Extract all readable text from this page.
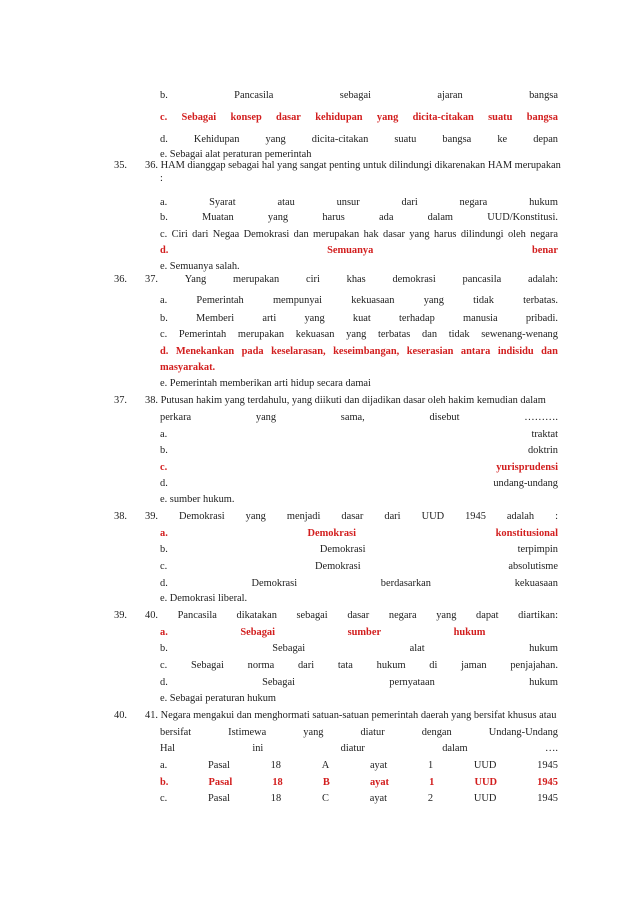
b.	Pancasila	sebagai	ajaran	bangsa
c. Sebagai konsep dasar kehidupan yang dicita-citakan suatu bangsa
d.	Kehidupan	yang	dicita-citakan	suatu	bangsa	ke	depan
e. Sebagai alat peraturan pemerintah
35.	36. HAM dianggap sebagai hal yang sangat penting untuk dilindungi dikarenakan HAM merupakan
:
a.	Syarat	atau	unsur	dari	negara	hukum
b.	Muatan	yang	harus	ada	dalam	UUD/Konstitusi.
c. Ciri dari Negaa Demokrasi dan merupakan hak dasar yang harus dilindungi oleh negara
d.	Semuanya	benar
e. Semuanya salah.
36.	37.	Yang	merupakan	ciri	khas	demokrasi	pancasila	adalah:
a.	Pemerintah	mempunyai	kekuasaan	yang	tidak	terbatas.
b.	Memberi	arti	yang	kuat	terhadap	manusia	pribadi.
c. Pemerintah merupakan kekuasan yang terbatas dan tidak sewenang-wenang
d. Menekankan pada keselarasan, keseimbangan, keserasian antara indisidu dan
masyarakat.
e. Pemerintah memberikan arti hidup secara damai
37.	38. Putusan hakim yang terdahulu, yang diikuti dan dijadikan dasar oleh hakim kemudian dalam
perkara	yang	sama,	disebut	……….
a.	traktat
b.	doktrin
c.	yurisprudensi
d.	undang-undang
e. sumber hukum.
38.	39. Demokrasi yang menjadi dasar dari UUD 1945 adalah :
a.	Demokrasi	konstitusional
b.	Demokrasi	terpimpin
c.	Demokrasi	absolutisme
d.	Demokrasi	berdasarkan	kekuasaan
e. Demokrasi liberal.
39.	40. Pancasila dikatakan sebagai dasar negara yang dapat diartikan:
a.	Sebagai	sumber	hukum
b.	Sebagai	alat	hukum
c. Sebagai norma dari tata hukum di jaman penjajahan.
d.	Sebagai	pernyataan	hukum
e. Sebagai peraturan hukum
40.	41. Negara mengakui dan menghormati satuan-satuan pemerintah daerah yang bersifat khusus atau
bersifat	Istimewa	yang	diatur	dengan	Undang-Undang
Hal	ini	diatur	dalam	….
a.	Pasal	18	A	ayat	1	UUD	1945
b.	Pasal	18	B	ayat	1	UUD	1945
c.	Pasal	18	C	ayat	2	UUD	1945
